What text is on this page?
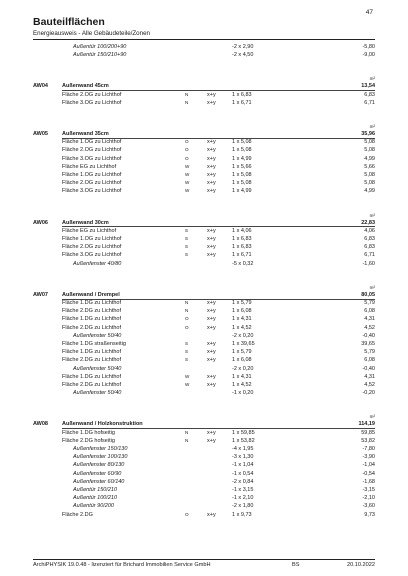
47
Bauteilflächen
Energieausweis - Alle Gebäudeteile/Zonen
Außentür 100/200+90	-2 x 2,90	-5,80
Außentür 150/210+90	-2 x 4,50	-9,00
m²
AW04	Außenwand 45cm	13,54
Fläche 2.OG zu Lichthof	N	x+y	1 x 6,83	6,83
Fläche 3.OG zu Lichthof	N	x+y	1 x 6,71	6,71
m²
AW05	Außenwand 35cm	35,96
Fläche 1.OG zu Lichthof	O	x+y	1 x 5,08	5,08
Fläche 2.OG zu Lichthof	O	x+y	1 x 5,08	5,08
Fläche 3.OG zu Lichthof	O	x+y	1 x 4,99	4,99
Fläche EG zu Lichthof	W	x+y	1 x 5,66	5,66
Fläche 1.OG zu Lichthof	W	x+y	1 x 5,08	5,08
Fläche 2.OG zu Lichthof	W	x+y	1 x 5,08	5,08
Fläche 3.OG zu Lichthof	W	x+y	1 x 4,99	4,99
m²
AW06	Außenwand 30cm	22,83
Fläche EG zu Lichthof	S	x+y	1 x 4,06	4,06
Fläche 1.OG zu Lichthof	S	x+y	1 x 6,83	6,83
Fläche 2.OG zu Lichthof	S	x+y	1 x 6,83	6,83
Fläche 3.OG zu Lichthof	S	x+y	1 x 6,71	6,71
Außenfenster 40/80	-5 x 0,32	-1,60
m²
AW07	Außenwand / Drempel	80,05
Fläche 1.DG zu Lichthof	N	x+y	1 x 5,79	5,79
Fläche 2.DG zu Lichthof	N	x+y	1 x 6,08	6,08
Fläche 1.DG zu Lichthof	O	x+y	1 x 4,31	4,31
Fläche 2.DG zu Lichthof	O	x+y	1 x 4,52	4,52
Außenfenster 50/40	-2 x 0,20	-0,40
Fläche 1.DG straßenseitig	S	x+y	1 x 39,65	39,65
Fläche 1.DG zu Lichthof	S	x+y	1 x 5,79	5,79
Fläche 2.DG zu Lichthof	S	x+y	1 x 6,08	6,08
Außenfenster 50/40	-2 x 0,20	-0,40
Fläche 1.DG zu Lichthof	W	x+y	1 x 4,31	4,31
Fläche 2.DG zu Lichthof	W	x+y	1 x 4,52	4,52
Außenfenster 50/40	-1 x 0,20	-0,20
m²
AW08	Außenwand / Holzkonstruktion	114,19
Fläche 1.DG hofseitig	N	x+y	1 x 59,85	59,85
Fläche 2.DG hofseitig	N	x+y	1 x 53,82	53,82
Außenfenster 150/130	-4 x 1,95	-7,80
Außenfenster 100/130	-3 x 1,30	-3,90
Außenfenster 80/130	-1 x 1,04	-1,04
Außenfenster 60/90	-1 x 0,54	-0,54
Außenfenster 60/140	-2 x 0,84	-1,68
Außentür 150/210	-1 x 3,15	-3,15
Außentür 100/210	-1 x 2,10	-2,10
Außentür 90/200	-2 x 1,80	-3,60
Fläche 2.DG	O	x+y	1 x 9,73	9,73
ArchiPHYSIK 19.0.48 - lizenziert für Brichard Immobilien Service GmbH	BS	20.10.2022
